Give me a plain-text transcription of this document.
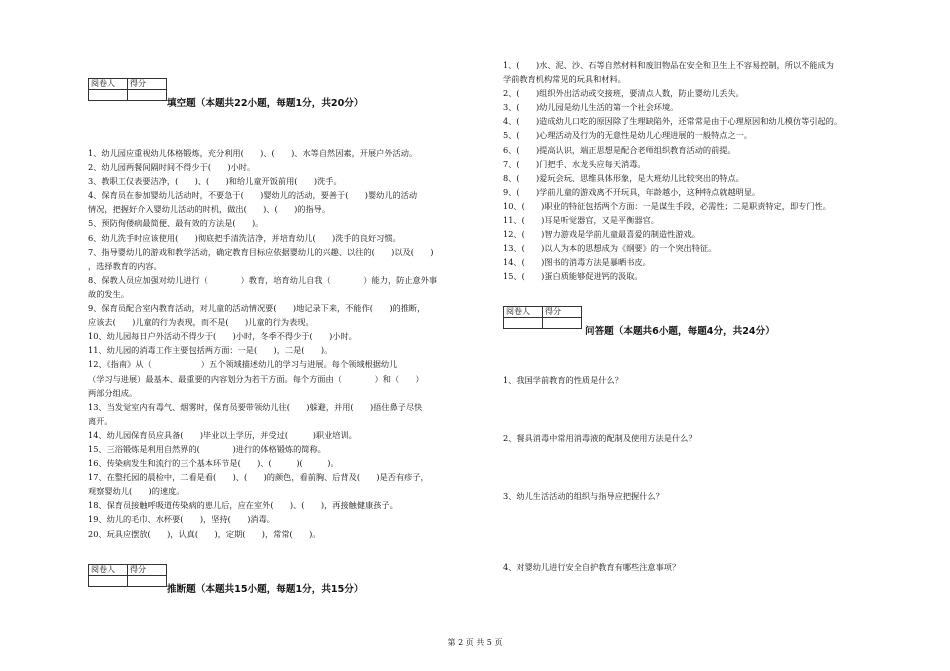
阅卷人	得分

填空题（本题共22小题，每题1分，共20分）
1、幼儿园应重视幼儿体格锻炼，充分利用(　　)、(　　)、水等自然因素，开展户外活动。
2、幼儿园两餐间隔时间不得少于(　　)小时。
3、教职工仪表要洁净，(　　)、(　　)和给儿童开饭前用(　　)洗手。
4、保育员在参加婴幼儿活动时，不要急于(　　)婴幼儿的活动，要善于(　　)婴幼儿的活动
情况，把握好介入婴幼儿活动的时机，做出(　　)、(　　)的指导。
5、预防佝偻病最简便、最有效的方法是(　　)。
6、幼儿洗手时应该使用(　　)彻底把手清洗洁净，并培育幼儿(　　)洗手的良好习惯。
7、指导婴幼儿的游戏和教学活动，确定教育目标应依据婴幼儿的兴趣、以往的(　　)以及(　　)
，选择教育的内容。
8、保教人员应加强对幼儿进行（　　　　）教育，培育幼儿自我（　　　　）能力，防止意外事
故的发生。
9、保育员配合室内教育活动，对儿童的活动情况要(　　)地记录下来，不能作(　　)的推断，
应该去(　　)儿童的行为表现，而不是(　　)儿童的行为表现。
10、幼儿园每日户外活动不得少于(　　)小时，冬季不得少于(　　)小时。
11、幼儿园的消毒工作主要包括两方面：一是(　　)，二是(　　)。
12、《指南》从（　　　　　　）五个领域描述幼儿的学习与进展。每个领域根据幼儿
（学习与进展）最基本、最重要的内容划分为若干方面。每个方面由（　　　　）和（　　）
两部分组成。
13、当发觉室内有毒气、烟雾时，保育员要带领幼儿往(　　)躲避，并用(　　)捂住鼻子尽快
离开。
14、幼儿园保育员应具备(　　)毕业以上学历，并受过(　　　)职业培训。
15、三浴锻炼是利用自然界的(　　　　)进行的体格锻炼的简称。
16、传染病发生和流行的三个基本环节是(　　)、(　　　)(　　　)。
17、在整托园的晨检中，二看是看(　　)、(　　)的颜色，看前胸、后背及(　　)是否有疹子，
观察婴幼儿(　　)的速度。
18、保育员接触呼吸道传染病的患儿后，应在室外(　　)、(　　)，再接触健康孩子。
19、幼儿的毛巾、水杯要(　　)，坚持(　　)消毒。
20、玩具应摆放(　　)，认真(　　)，定期(　　)，常常(　　)。
阅卷人	得分

推断题（本题共15小题，每题1分，共15分）
1、(　　)水、泥、沙、石等自然材料和废旧物品在安全和卫生上不容易控制，所以不能成为
学前教育机构常见的玩具和材料。
2、(　　)组织外出活动或交接班，要清点人数，防止婴幼儿丢失。
3、(　　)幼儿园是幼儿生活的第一个社会环境。
4、(　　)造成幼儿口吃的原因除了生理缺陷外，还常常是由于心理原因和幼儿模仿等引起的。
5、(　　)心理活动及行为的无意性是幼儿心理进展的一般特点之一。
6、(　　)提高认识，端正思想是配合老师组织教育活动的前提。
7、(　　)门把手、水龙头应每天消毒。
8、(　　)爱玩会玩、思维具体形象，是大班幼儿比较突出的特点。
9、(　　)学前儿童的游戏离不开玩具，年龄越小，这种特点就越明显。
10、(　　)职业的特征包括两个方面：一是谋生手段，必需性；二是职责特定，即专门性。
11、(　　)耳是听觉器官，又是平衡器官。
12、(　　)智力游戏是学前儿童最喜爱的制造性游戏。
13、(　　)以人为本的思想成为《纲要》的一个突出特征。
14、(　　)图书的消毒方法是暴晒书皮。
15、(　　)蛋白质能够促进钙的汲取。
阅卷人	得分

问答题（本题共6小题，每题4分，共24分）
1、我国学前教育的性质是什么？
2、餐具消毒中常用消毒液的配制及使用方法是什么？
3、幼儿生活活动的组织与指导应把握什么？
4、对婴幼儿进行安全自护教育有哪些注意事项？
第 2 页 共 5 页
